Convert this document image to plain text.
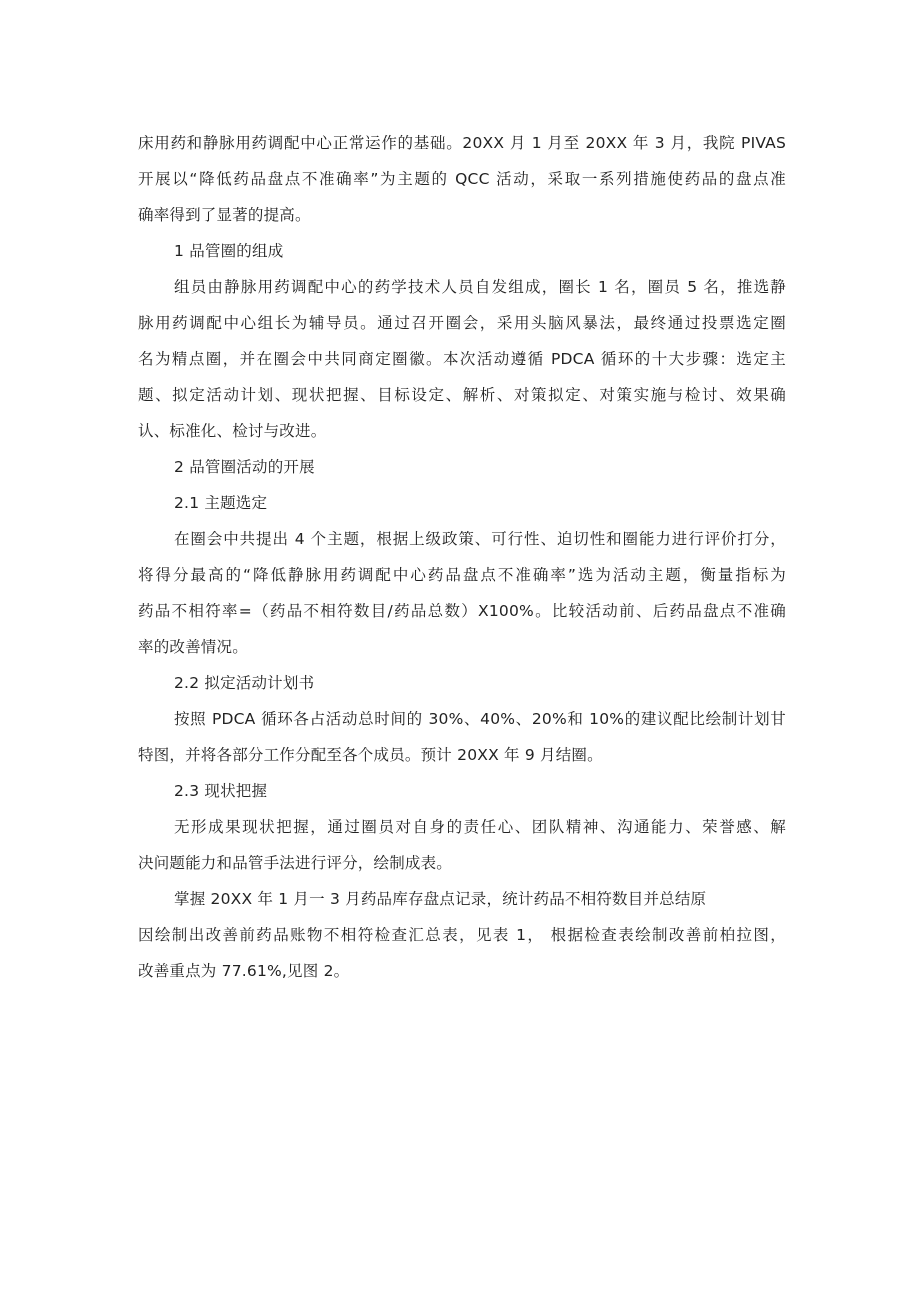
床用药和静脉用药调配中心正常运作的基础。20XX 月 1 月至 20XX 年 3 月，我院 PIVAS
开展以“降低药品盘点不准确率”为主题的 QCC 活动，采取一系列措施使药品的盘点准
确率得到了显著的提高。
1 品管圈的组成
组员由静脉用药调配中心的药学技术人员自发组成，圈长 1 名，圈员 5 名，推选静
脉用药调配中心组长为辅导员。通过召开圈会，采用头脑风暴法，最终通过投票选定圈
名为精点圈，并在圈会中共同商定圈徽。本次活动遵循 PDCA 循环的十大步骤：选定主
题、拟定活动计划、现状把握、目标设定、解析、对策拟定、对策实施与检讨、效果确
认、标准化、检讨与改进。
2 品管圈活动的开展
2.1 主题选定
在圈会中共提出 4 个主题，根据上级政策、可行性、迫切性和圈能力进行评价打分，
将得分最高的“降低静脉用药调配中心药品盘点不准确率”选为活动主题，衡量指标为
药品不相符率=（药品不相符数目/药品总数）X100%。比较活动前、后药品盘点不准确
率的改善情况。
2.2 拟定活动计划书
按照 PDCA 循环各占活动总时间的 30%、40%、20%和 10%的建议配比绘制计划甘
特图，并将各部分工作分配至各个成员。预计 20XX 年 9 月结圈。
2.3 现状把握
无形成果现状把握，通过圈员对自身的责任心、团队精神、沟通能力、荣誉感、解
决问题能力和品管手法进行评分，绘制成表。
掌握 20XX 年 1 月一 3 月药品库存盘点记录，统计药品不相符数目并总结原
因绘制出改善前药品账物不相符检查汇总表，见表 1， 根据检查表绘制改善前柏拉图，
改善重点为 77.61%,见图 2。
